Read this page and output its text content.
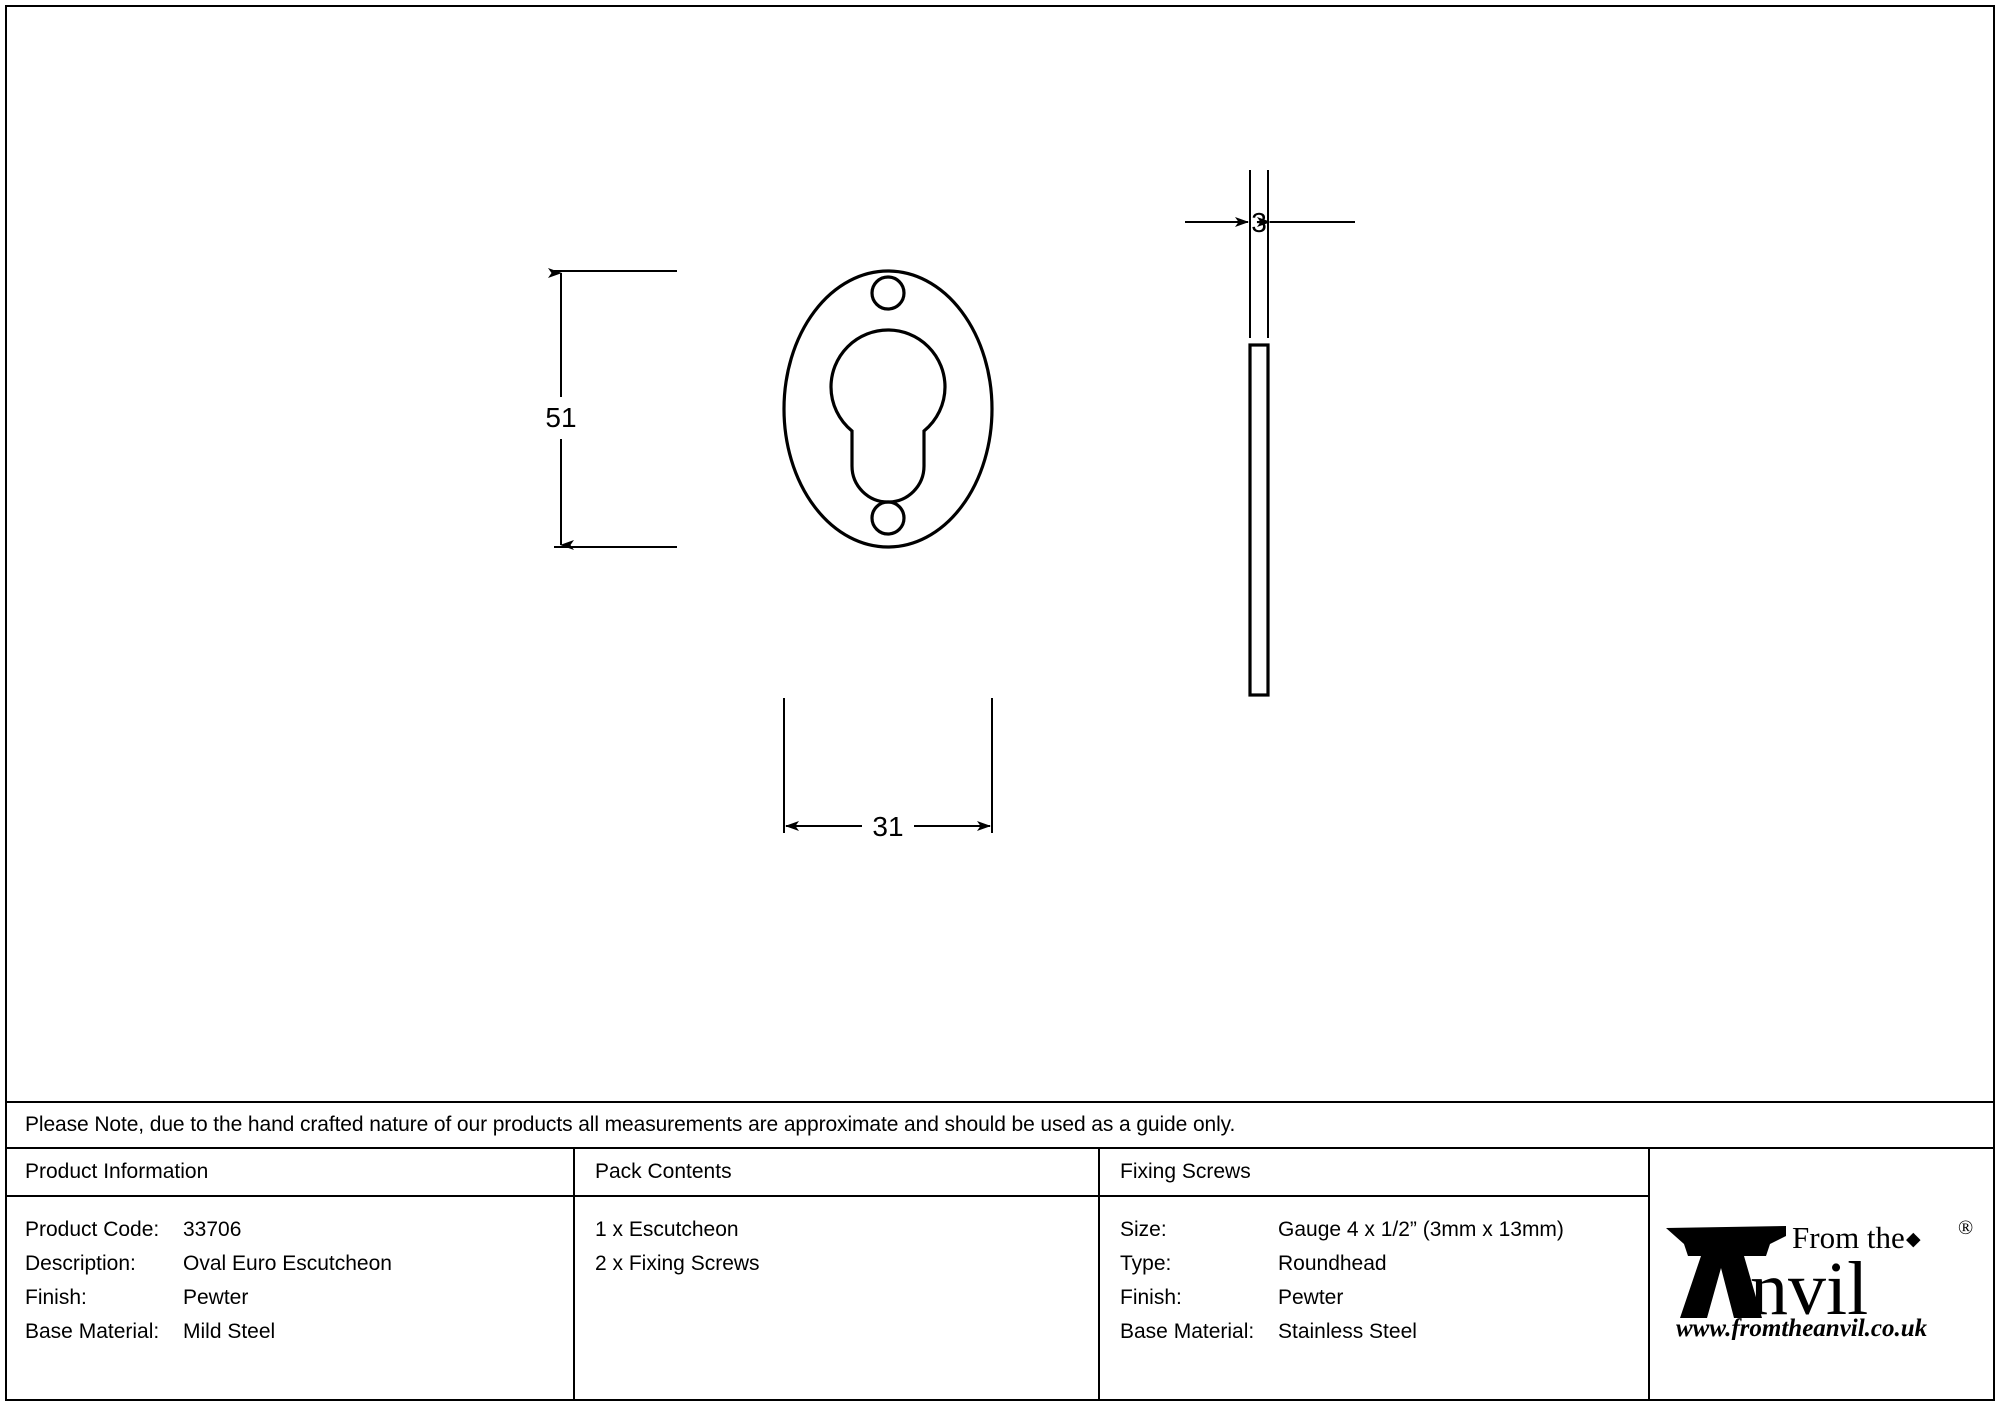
51
31
3
Please Note, due to the hand crafted nature of our products all measurements are approximate and should be used as a guide only.
Product Information
Product Code:	33706
Description:	Oval Euro Escutcheon
Finish:	Pewter
Base Material:	Mild Steel
Pack Contents
1 x Escutcheon
2 x Fixing Screws
Fixing Screws
Size:	Gauge 4 x 1/2” (3mm x 13mm)
Type:	Roundhead
Finish:	Pewter
Base Material:	Stainless Steel
From the ◆
®
nvil
www.fromtheanvil.co.uk
